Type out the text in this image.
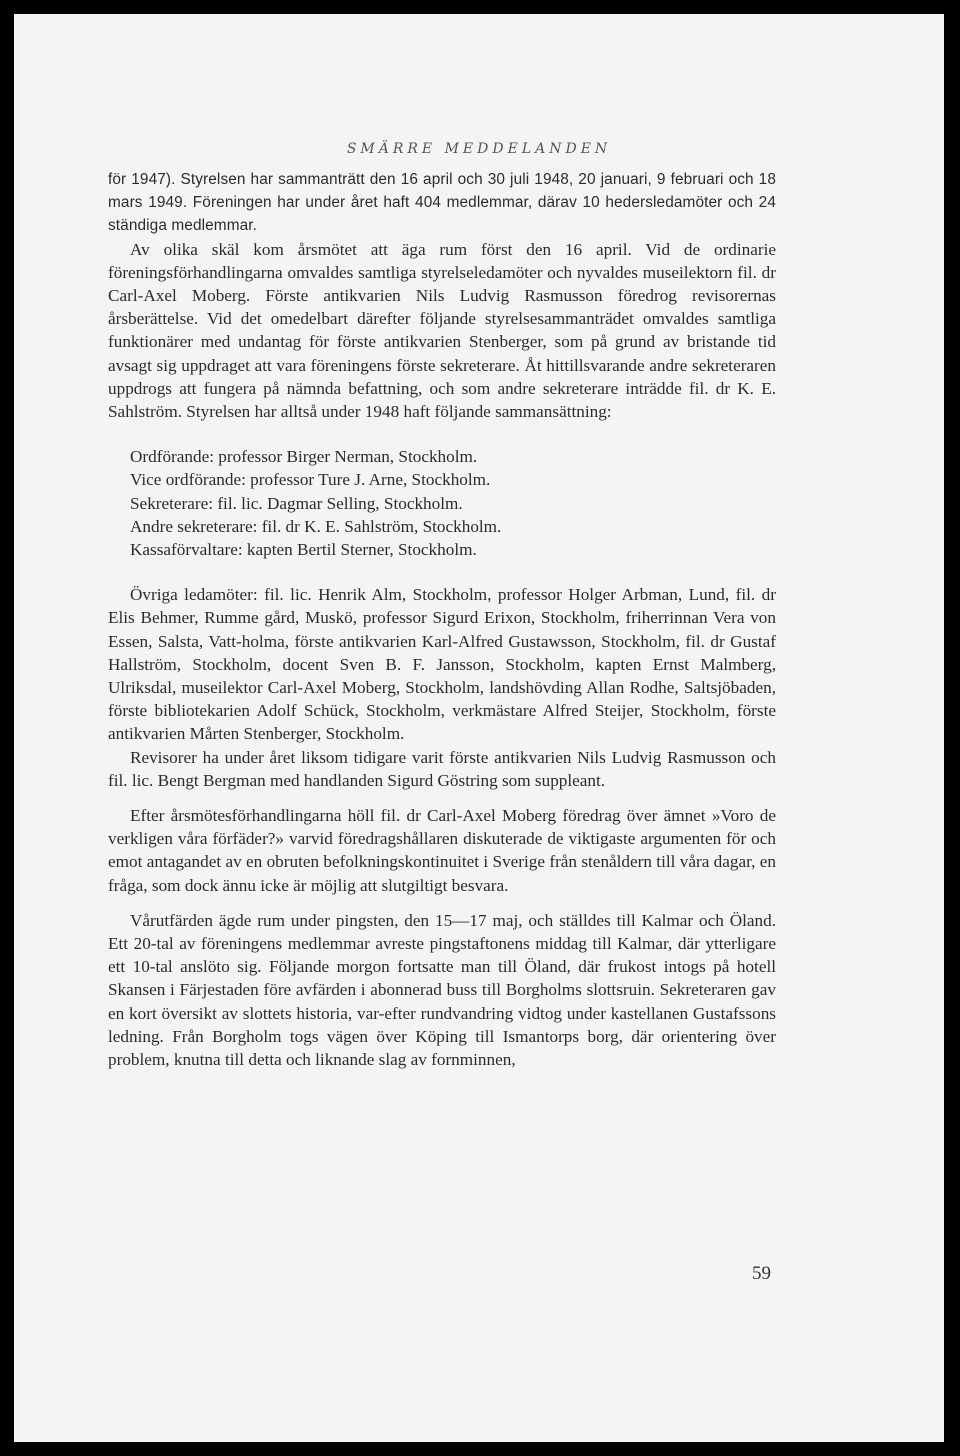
SMÄRRE MEDDELANDEN

för 1947). Styrelsen har sammanträtt den 16 april och 30 juli 1948, 20 januari, 9 februari och 18 mars 1949. Föreningen har under året haft 404 medlemmar, därav 10 hedersledamöter och 24 ständiga medlemmar.

Av olika skäl kom årsmötet att äga rum först den 16 april. Vid de ordinarie föreningsförhandlingarna omvaldes samtliga styrelseledamöter och nyvaldes museilektorn fil. dr Carl-Axel Moberg. Förste antikvarien Nils Ludvig Rasmusson föredrog revisorernas årsberättelse. Vid det omedelbart därefter följande styrelsesammanträdet omvaldes samtliga funktionärer med undantag för förste antikvarien Stenberger, som på grund av bristande tid avsagt sig uppdraget att vara föreningens förste sekreterare. Åt hittillsvarande andre sekreteraren uppdrogs att fungera på nämnda befattning, och som andre sekreterare inträdde fil. dr K. E. Sahlström. Styrelsen har alltså under 1948 haft följande sammansättning:

Ordförande: professor Birger Nerman, Stockholm.
Vice ordförande: professor Ture J. Arne, Stockholm.
Sekreterare: fil. lic. Dagmar Selling, Stockholm.
Andre sekreterare: fil. dr K. E. Sahlström, Stockholm.
Kassaförvaltare: kapten Bertil Sterner, Stockholm.

Övriga ledamöter: fil. lic. Henrik Alm, Stockholm, professor Holger Arbman, Lund, fil. dr Elis Behmer, Rumme gård, Muskö, professor Sigurd Erixon, Stockholm, friherrinnan Vera von Essen, Salsta, Vatt-holma, förste antikvarien Karl-Alfred Gustawsson, Stockholm, fil. dr Gustaf Hallström, Stockholm, docent Sven B. F. Jansson, Stockholm, kapten Ernst Malmberg, Ulriksdal, museilektor Carl-Axel Moberg, Stockholm, landshövding Allan Rodhe, Saltsjöbaden, förste bibliotekarien Adolf Schück, Stockholm, verkmästare Alfred Steijer, Stockholm, förste antikvarien Mårten Stenberger, Stockholm.

Revisorer ha under året liksom tidigare varit förste antikvarien Nils Ludvig Rasmusson och fil. lic. Bengt Bergman med handlanden Sigurd Göstring som suppleant.

Efter årsmötesförhandlingarna höll fil. dr Carl-Axel Moberg föredrag över ämnet »Voro de verkligen våra förfäder?» varvid föredragshållaren diskuterade de viktigaste argumenten för och emot antagandet av en obruten befolkningskontinuitet i Sverige från stenåldern till våra dagar, en fråga, som dock ännu icke är möjlig att slutgiltigt besvara.

Vårutfärden ägde rum under pingsten, den 15—17 maj, och ställdes till Kalmar och Öland. Ett 20-tal av föreningens medlemmar avreste pingstaftonens middag till Kalmar, där ytterligare ett 10-tal anslöto sig. Följande morgon fortsatte man till Öland, där frukost intogs på hotell Skansen i Färjestaden före avfärden i abonnerad buss till Borgholms slottsruin. Sekreteraren gav en kort översikt av slottets historia, var-efter rundvandring vidtog under kastellanen Gustafssons ledning. Från Borgholm togs vägen över Köping till Ismantorps borg, där orientering över problem, knutna till detta och liknande slag av fornminnen,

59
